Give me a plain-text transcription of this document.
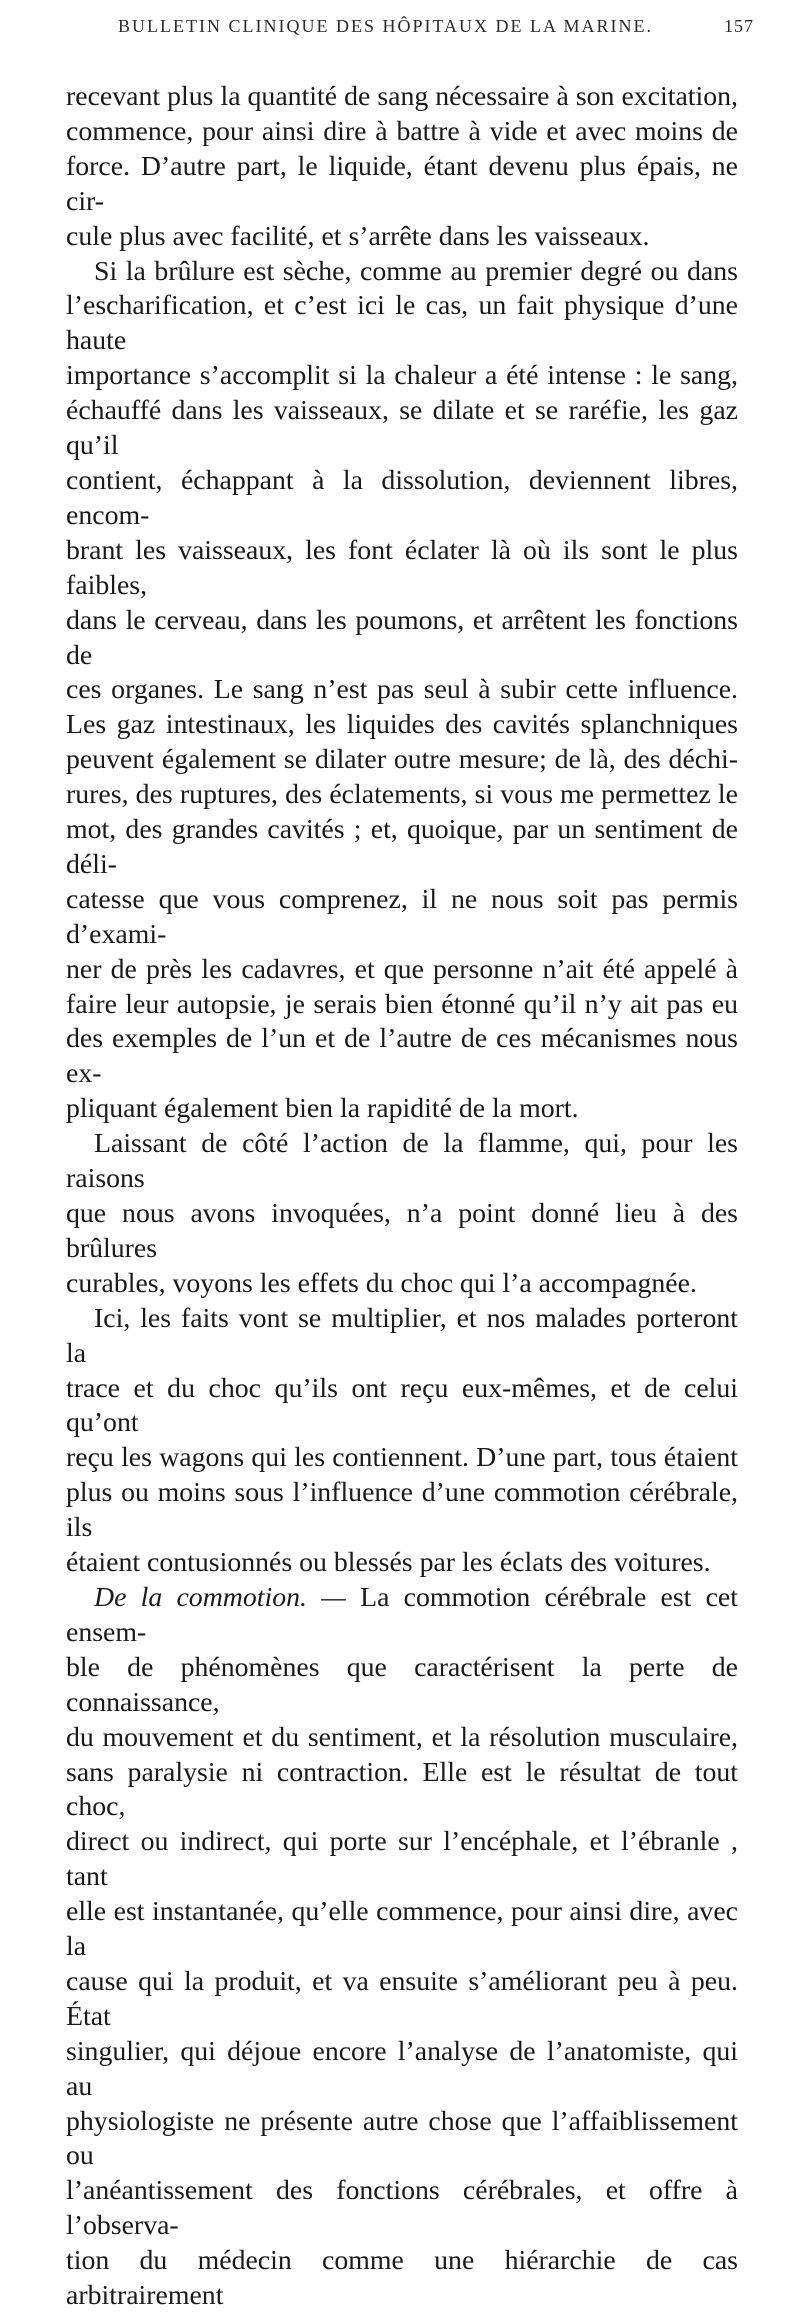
BULLETIN CLINIQUE DES HÔPITAUX DE LA MARINE.	157

recevant plus la quantité de sang nécessaire à son excitation,

commence, pour ainsi dire à battre à vide et avec moins de

force. D’autre part, le liquide, étant devenu plus épais, ne cir-

cule plus avec facilité, et s’arrête dans les vaisseaux.

Si la brûlure est sèche, comme au premier degré ou dans

l’escharification, et c’est ici le cas, un fait physique d’une haute

importance s’accomplit si la chaleur a été intense : le sang,

échauffé dans les vaisseaux, se dilate et se raréfie, les gaz qu’il

contient, échappant à la dissolution, deviennent libres, encom-

brant les vaisseaux, les font éclater là où ils sont le plus faibles,

dans le cerveau, dans les poumons, et arrêtent les fonctions de

ces organes. Le sang n’est pas seul à subir cette influence.

Les gaz intestinaux, les liquides des cavités splanchniques

peuvent également se dilater outre mesure; de là, des déchi-

rures, des ruptures, des éclatements, si vous me permettez le

mot, des grandes cavités ; et, quoique, par un sentiment de déli-

catesse que vous comprenez, il ne nous soit pas permis d’exami-

ner de près les cadavres, et que personne n’ait été appelé à

faire leur autopsie, je serais bien étonné qu’il n’y ait pas eu

des exemples de l’un et de l’autre de ces mécanismes nous ex-

pliquant également bien la rapidité de la mort.

Laissant de côté l’action de la flamme, qui, pour les raisons

que nous avons invoquées, n’a point donné lieu à des brûlures

curables, voyons les effets du choc qui l’a accompagnée.

Ici, les faits vont se multiplier, et nos malades porteront la

trace et du choc qu’ils ont reçu eux-mêmes, et de celui qu’ont

reçu les wagons qui les contiennent. D’une part, tous étaient

plus ou moins sous l’influence d’une commotion cérébrale, ils

étaient contusionnés ou blessés par les éclats des voitures.

De la commotion. — La commotion cérébrale est cet ensem-

ble de phénomènes que caractérisent la perte de connaissance,

du mouvement et du sentiment, et la résolution musculaire,

sans paralysie ni contraction. Elle est le résultat de tout choc,

direct ou indirect, qui porte sur l’encéphale, et l’ébranle , tant

elle est instantanée, qu’elle commence, pour ainsi dire, avec la

cause qui la produit, et va ensuite s’améliorant peu à peu. État

singulier, qui déjoue encore l’analyse de l’anatomiste, qui au

physiologiste ne présente autre chose que l’affaiblissement ou

l’anéantissement des fonctions cérébrales, et offre à l’observa-

tion du médecin comme une hiérarchie de cas arbitrairement
